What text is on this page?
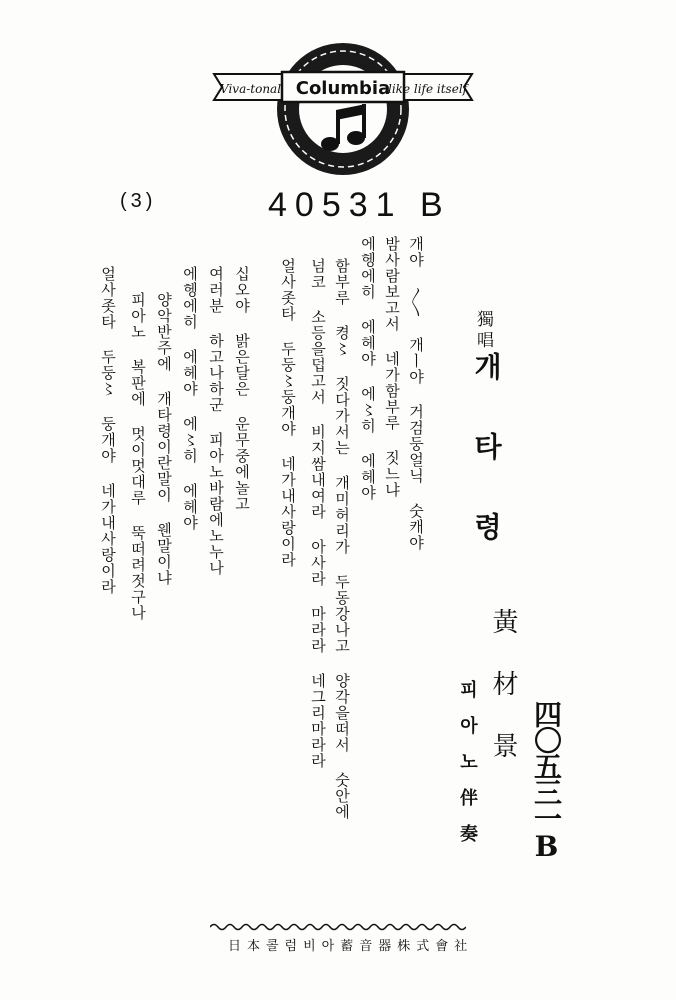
Viva-tonal Columbia
like life itself
(3)	40531 B
四〇五三一B
피아노伴奏 黃材景
개타령
獨唱
개야 〳〵 개ㅣ야 거검둥얼닉 숫캐야
밤사람보고서 네가함부루 짓느냐
에헹에히 에헤야 에〻히 에헤야
함부루 켱〻 짓다가서는 개미허리가 두동강나고 양각을떠서 숫안에
넘코 소등을덥고서 비지쌈내여라 아사라 마라라 네그리마라라
얼사좃타 두둥〻둥개야 네가내사랑이라
십오야 밝은달은 운무중에놀고
여러분 하고나하군 피아노바람에노누나
에헹에히 에헤야 에〻히 에헤야
양악반주에 개타령이란말이 웬말이냐
피아노 복판에 멋이멋대루 뚝떠려젓구나
얼사좃타 두둥〻 둥개야 네가내사랑이라
日本콜럼비아蓄音器株式會社
